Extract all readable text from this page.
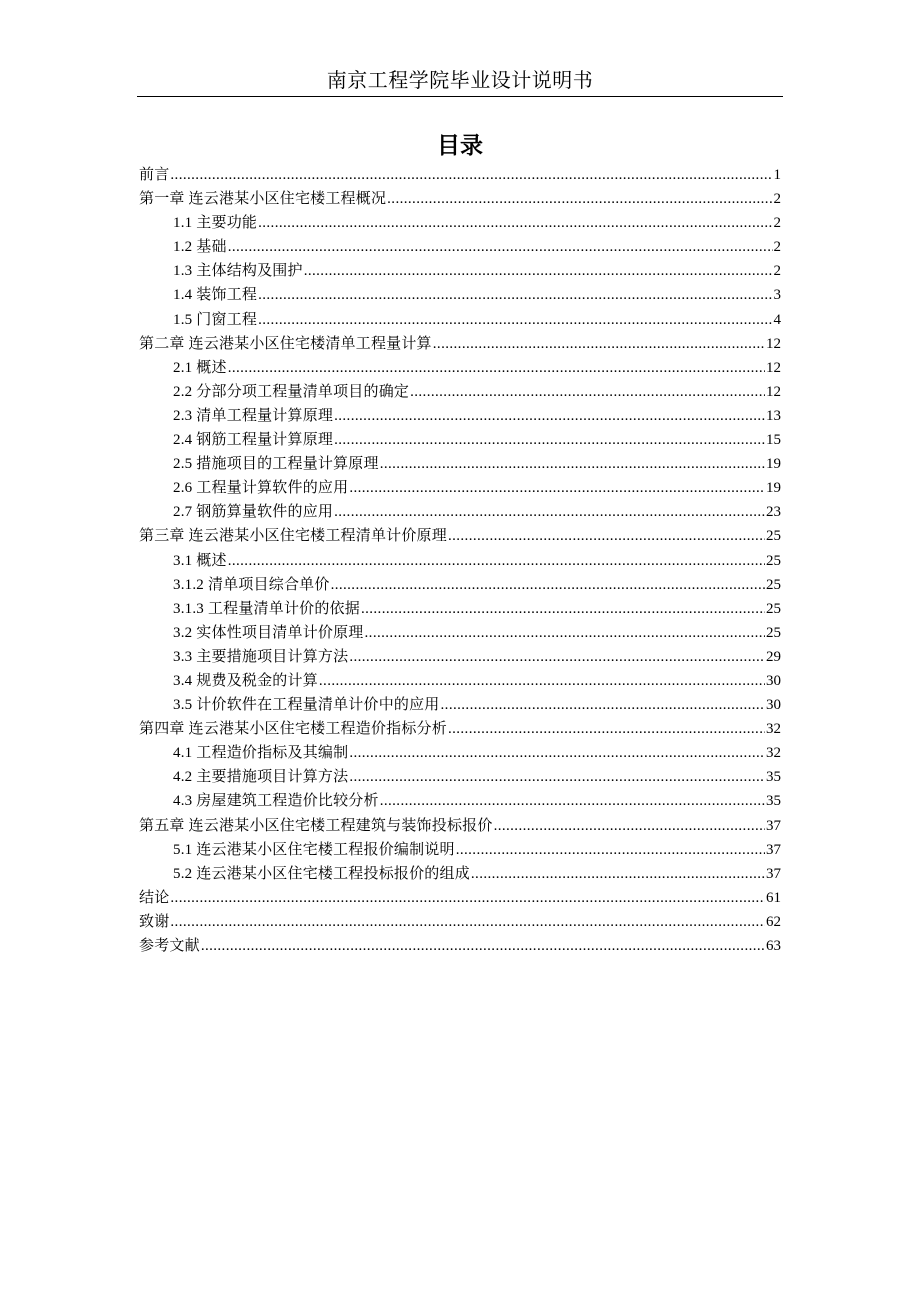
南京工程学院毕业设计说明书
目录
前言 .....	1
第一章 连云港某小区住宅楼工程概况 .....	2
1.1 主要功能 .....	2
1.2 基础 .....	2
1.3 主体结构及围护 .....	2
1.4 装饰工程 .....	3
1.5 门窗工程 .....	4
第二章 连云港某小区住宅楼清单工程量计算 .....	12
2.1 概述 .....	12
2.2 分部分项工程量清单项目的确定 .....	12
2.3 清单工程量计算原理 .....	13
2.4 钢筋工程量计算原理 .....	15
2.5 措施项目的工程量计算原理 .....	19
2.6 工程量计算软件的应用 .....	19
2.7 钢筋算量软件的应用 .....	23
第三章 连云港某小区住宅楼工程清单计价原理 .....	25
3.1 概述 .....	25
3.1.2 清单项目综合单价 .....	25
3.1.3 工程量清单计价的依据 .....	25
3.2 实体性项目清单计价原理 .....	25
3.3 主要措施项目计算方法 .....	29
3.4 规费及税金的计算 .....	30
3.5 计价软件在工程量清单计价中的应用 .....	30
第四章 连云港某小区住宅楼工程造价指标分析 .....	32
4.1 工程造价指标及其编制 .....	32
4.2 主要措施项目计算方法 .....	35
4.3 房屋建筑工程造价比较分析 .....	35
第五章 连云港某小区住宅楼工程建筑与装饰投标报价 .....	37
5.1 连云港某小区住宅楼工程报价编制说明 .....	37
5.2 连云港某小区住宅楼工程投标报价的组成 .....	37
结论 .....	61
致谢 .....	62
参考文献 .....	63
